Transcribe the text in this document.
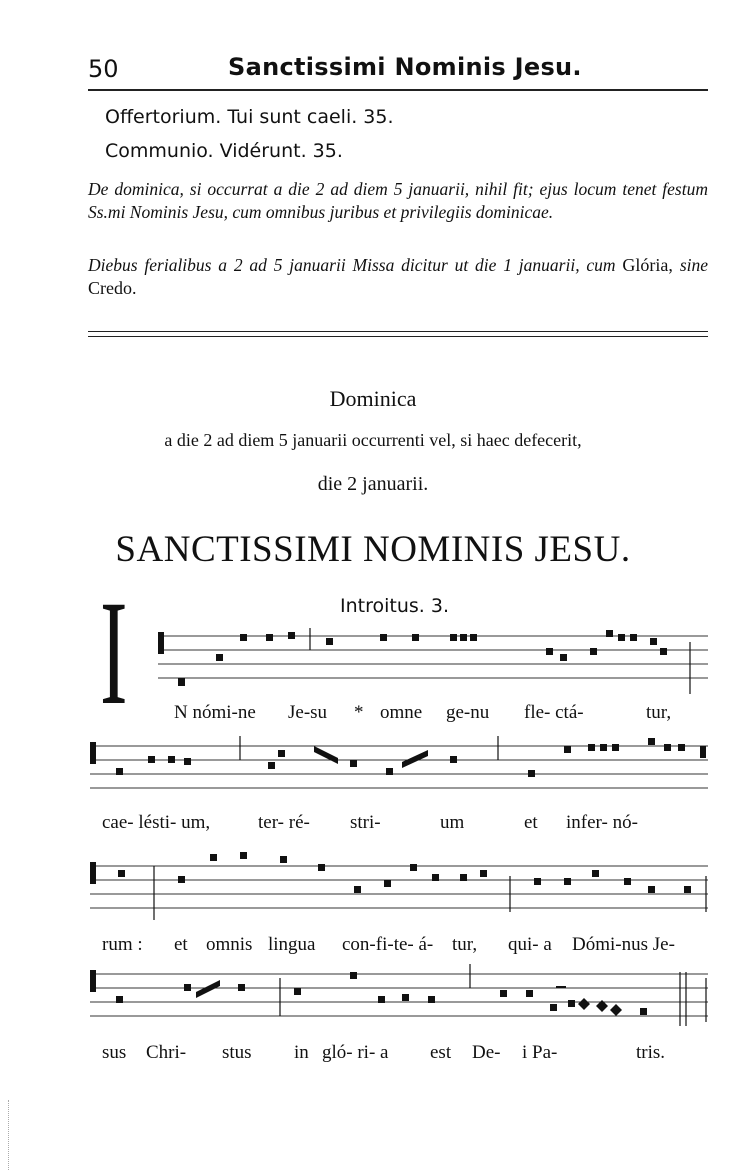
50	Sanctissimi Nominis Jesu.
Offertorium. Tui sunt caeli. 35.
Communio. Vidérunt. 35.
De dominica, si occurrat a die 2 ad diem 5 januarii, nihil fit; ejus locum tenet festum Ss.mi Nominis Jesu, cum omnibus juribus et privilegiis dominicae.
Diebus ferialibus a 2 ad 5 januarii Missa dicitur ut die 1 januarii, cum Glória, sine Credo.
Dominica
a die 2 ad diem 5 januarii occurrenti vel, si haec defecerit,
die 2 januarii.
SANCTISSIMI NOMINIS JESU.
I	Introitus. 3.
N nómi-ne Je-su * omne ge-nu fle- ctá-	tur,
cae- lésti- um,	ter- ré- stri-	um	et infer- nó-
rum : et omnis lingua con-fi-te- á- tur, qui- a Dómi-nus Je-
sus Chri- stus in gló- ri- a est De- i Pa-	tris.
